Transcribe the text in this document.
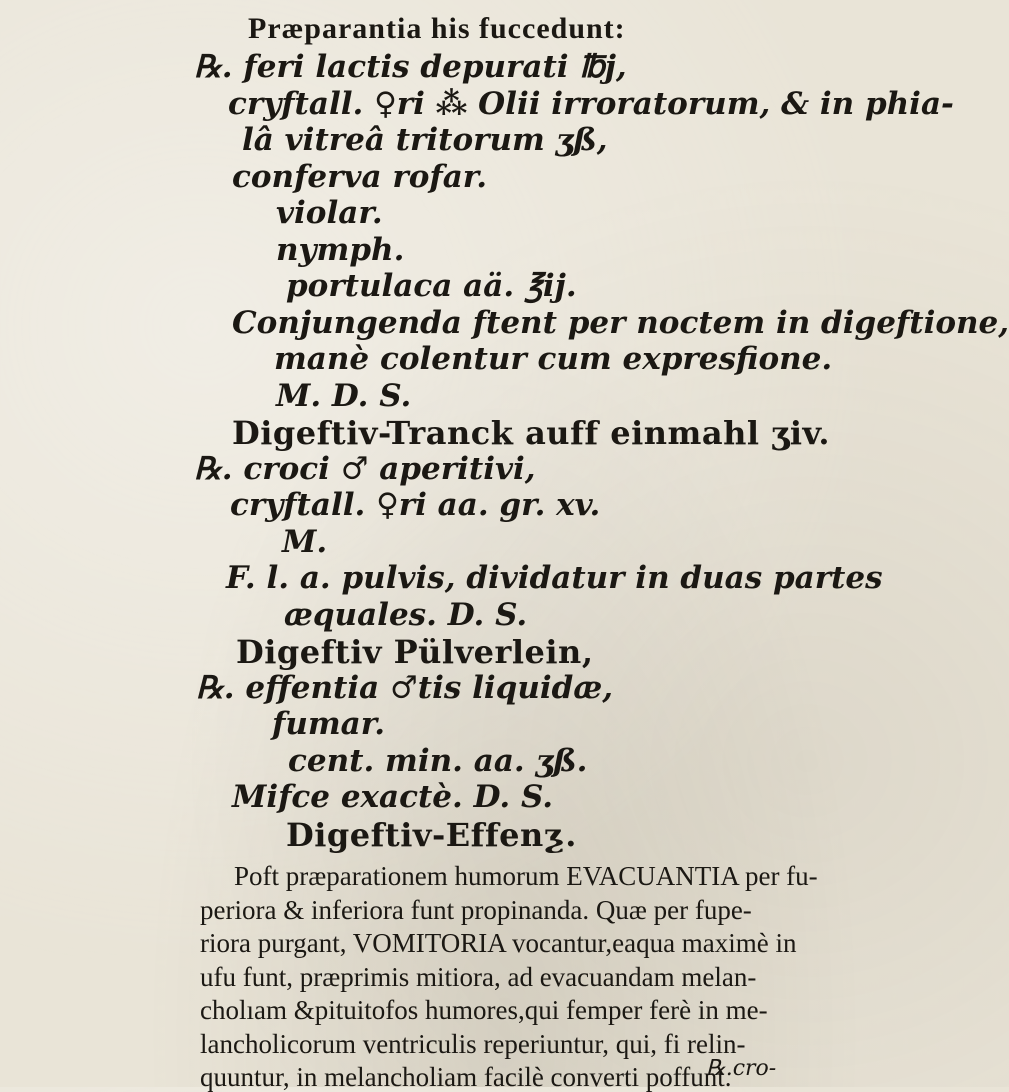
Præparantia his fuccedunt:
℞. feri lactis depurati ℔j,
cryftall. ♀ri ⁂ Olii irroratorum, & in phia-
lâ vitreâ tritorum ʒß,
conferva rofar.
violar.
nymph.
portulaca aä. ℥ij.
Conjungenda ftent per noctem in digeftione,
manè colentur cum expresfione.
M. D. S.
Digeftiv-Tranck auff einmahl ʒiv.
℞. croci ♂ aperitivi,
cryftall. ♀ri aa. gr. xv.
M.
F. l. a. pulvis, dividatur in duas partes
æquales. D. S.
Digeftiv Pülverlein,
℞. effentia ♂tis liquidæ,
fumar.
cent. min. aa. ʒß.
Mifce exactè. D. S.
Digeftiv-Effenƺ.
Poft præparationem humorum EVACUANTIA per fu-
periora & inferiora funt propinanda. Quæ per fupe-
riora purgant, VOMITORIA vocantur,eaqua maximè in
ufu funt, præprimis mitiora, ad evacuandam melan-
cholıam &pituitofos humores,qui femper ferè in me-
lancholicorum ventriculis reperiuntur, qui, fi relin-
quuntur, in melancholiam facilè converti poffunt.
℞.cro-
